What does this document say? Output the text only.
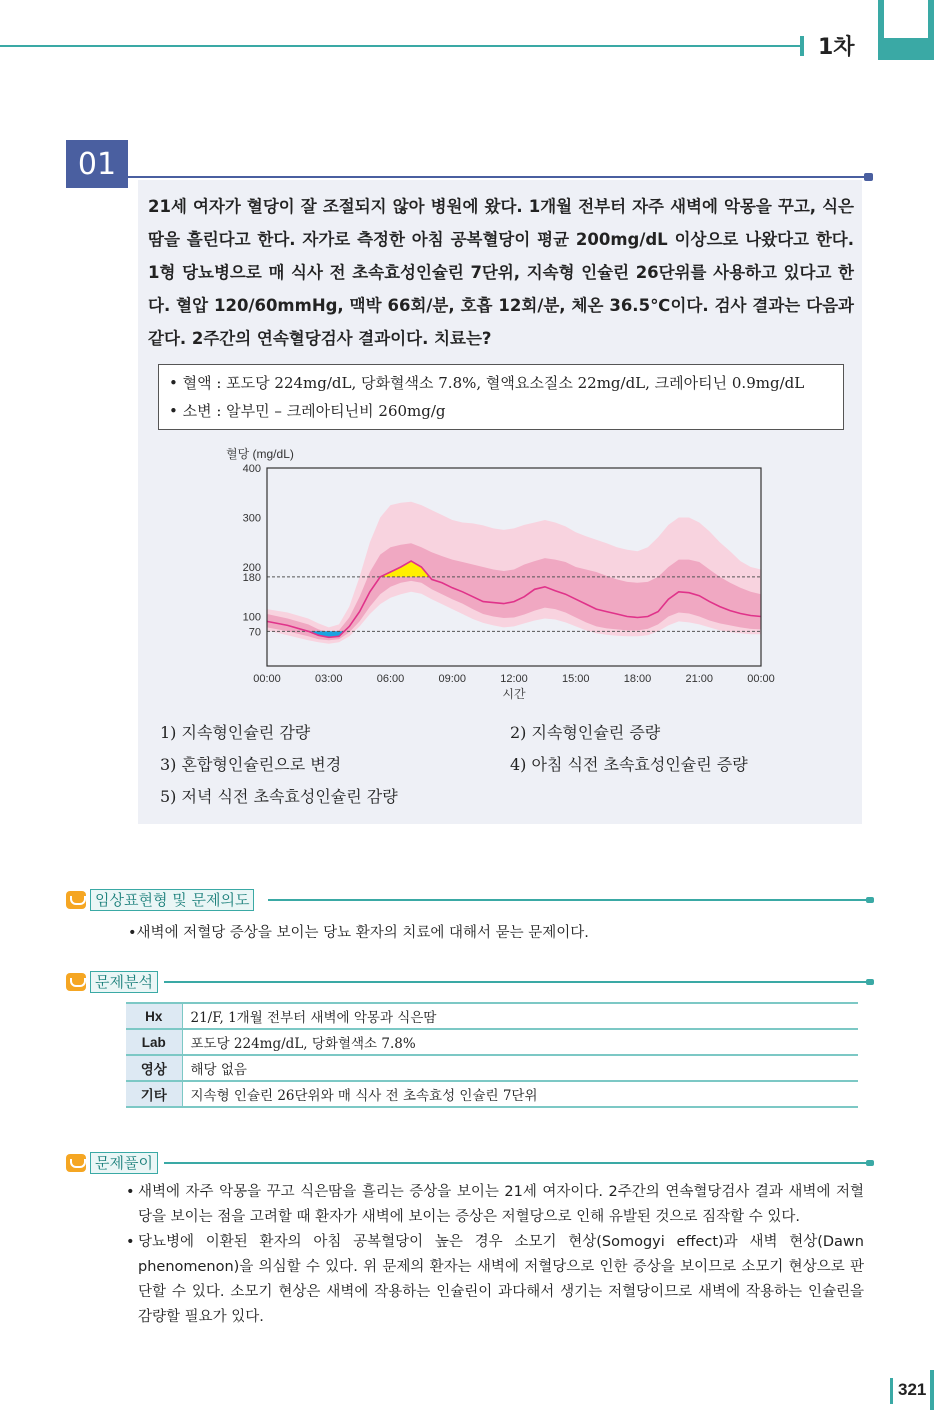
1차
01
21세 여자가 혈당이 잘 조절되지 않아 병원에 왔다. 1개월 전부터 자주 새벽에 악몽을 꾸고, 식은땀을 흘린다고 한다. 자가로 측정한 아침 공복혈당이 평균 200mg/dL 이상으로 나왔다고 한다. 1형 당뇨병으로 매 식사 전 초속효성인슐린 7단위, 지속형 인슐린 26단위를 사용하고 있다고 한다. 혈압 120/60mmHg, 맥박 66회/분, 호흡 12회/분, 체온 36.5℃이다. 검사 결과는 다음과 같다. 2주간의 연속혈당검사 결과이다. 치료는?
• 혈액 : 포도당 224mg/dL, 당화혈색소 7.8%, 혈액요소질소 22mg/dL, 크레아티닌 0.9mg/dL
• 소변 : 알부민 – 크레아티닌비 260mg/g
혈당 (mg/dL)
400
300
200
180
100
70
00:00	03:00	06:00	09:00	12:00	15:00	18:00	21:00	00:00
시간
1) 지속형인슐린 감량	2) 지속형인슐린 증량
3) 혼합형인슐린으로 변경	4) 아침 식전 초속효성인슐린 증량
5) 저녁 식전 초속효성인슐린 감량
임상표현형 및 문제의도
•새벽에 저혈당 증상을 보이는 당뇨 환자의 치료에 대해서 묻는 문제이다.
문제분석
Hx	21/F, 1개월 전부터 새벽에 악몽과 식은땀
Lab	포도당 224mg/dL, 당화혈색소 7.8%
영상	해당 없음
기타	지속형 인슐린 26단위와 매 식사 전 초속효성 인슐린 7단위
문제풀이

• 새벽에 자주 악몽을 꾸고 식은땀을 흘리는 증상을 보이는 21세 여자이다. 2주간의 연속혈당검사 결과 새벽에 저혈당을 보이는 점을 고려할 때 환자가 새벽에 보이는 증상은 저혈당으로 인해 유발된 것으로 짐작할 수 있다.

• 당뇨병에 이환된 환자의 아침 공복혈당이 높은 경우 소모기 현상(Somogyi effect)과 새벽 현상(Dawn phenomenon)을 의심할 수 있다. 위 문제의 환자는 새벽에 저혈당으로 인한 증상을 보이므로 소모기 현상으로 판단할 수 있다. 소모기 현상은 새벽에 작용하는 인슐린이 과다해서 생기는 저혈당이므로 새벽에 작용하는 인슐린을 감량할 필요가 있다.

321
